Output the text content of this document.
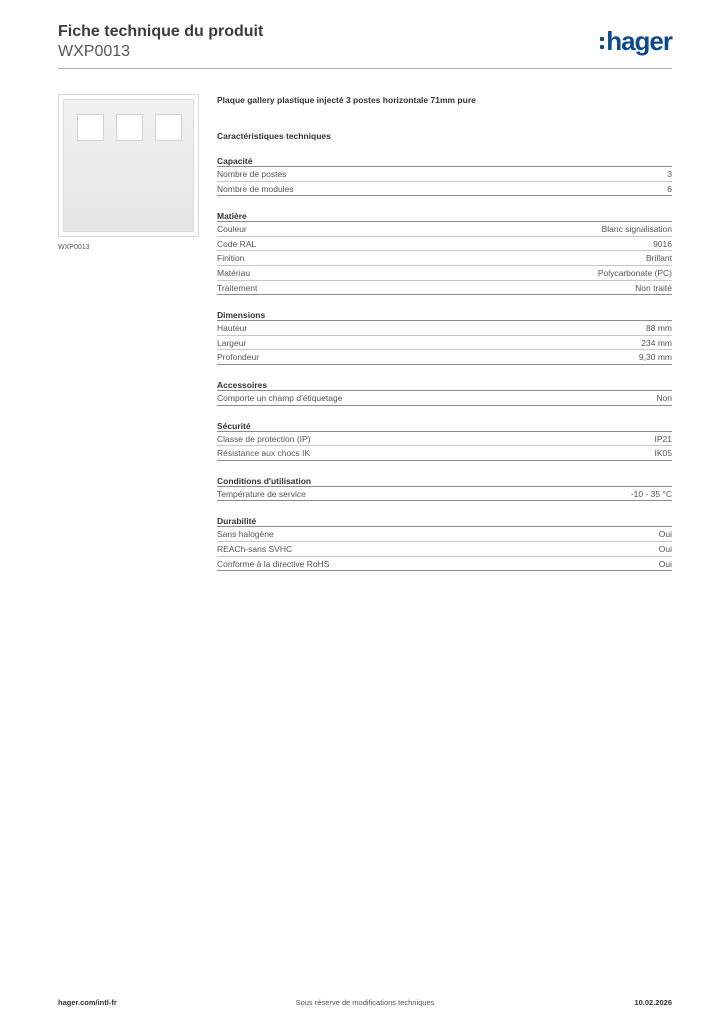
Fiche technique du produit
WXP0013	hager
WXP0013
Plaque gallery plastique injecté 3 postes horizontale 71mm pure
Caractéristiques techniques
Capacité
Nombre de postes	3
Nombre de modules	6
Matière
Couleur	Blanc signalisation
Code RAL	9016
Finition	Brillant
Matériau	Polycarbonate (PC)
Traitement	Non traité
Dimensions
Hauteur	88 mm
Largeur	234 mm
Profondeur	9,30 mm
Accessoires
Comporte un champ d'étiquetage	Non
Sécurité
Classe de protection (IP)	IP21
Résistance aux chocs IK	IK05
Conditions d'utilisation
Température de service	-10 - 35 °C
Durabilité
Sans halogène	Oui
REACh-sans SVHC	Oui
Conforme à la directive RoHS	Oui
hager.com/intl-fr	Sous réserve de modifications techniques	10.02.2026
